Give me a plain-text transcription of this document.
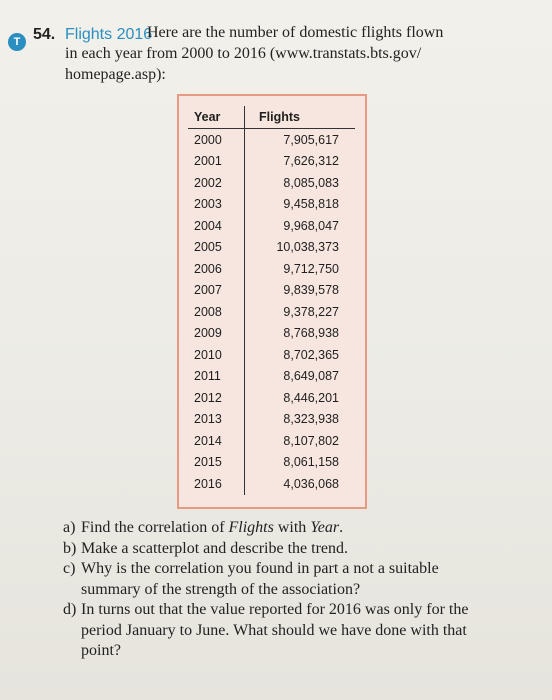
T 54. Flights 2016
Here are the number of domestic flights flown
in each year from 2000 to 2016 (www.transtats.bts.gov/
homepage.asp):
Year	Flights
2000	7,905,617
2001	7,626,312
2002	8,085,083
2003	9,458,818
2004	9,968,047
2005	10,038,373
2006	9,712,750
2007	9,839,578
2008	9,378,227
2009	8,768,938
2010	8,702,365
2011	8,649,087
2012	8,446,201
2013	8,323,938
2014	8,107,802
2015	8,061,158
2016	4,036,068
a) Find the correlation of Flights with Year.
b) Make a scatterplot and describe the trend.
c) Why is the correlation you found in part a not a suitable
summary of the strength of the association?
d) In turns out that the value reported for 2016 was only for the
period January to June. What should we have done with that
point?
